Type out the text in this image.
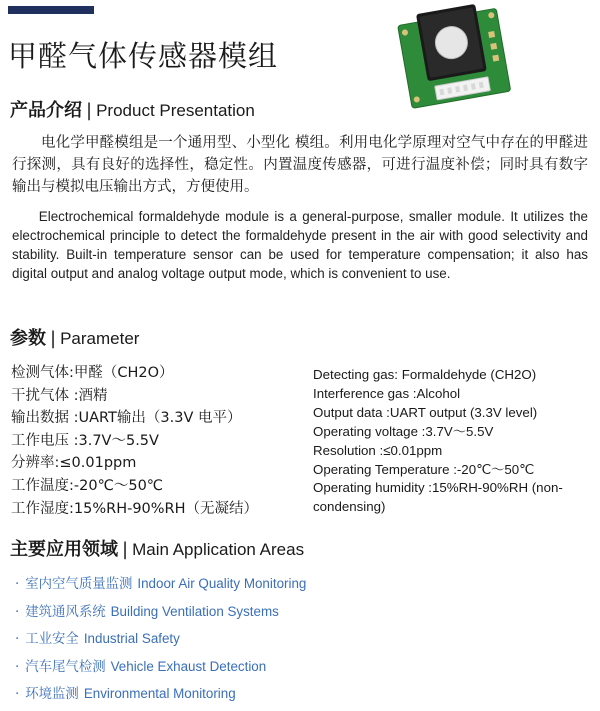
甲醛气体传感器模组
产品介绍 | Product Presentation
电化学甲醛模组是一个通用型、小型化 模组。利用电化学原理对空气中存在的甲醛进行探测，具有良好的选择性，稳定性。内置温度传感器，可进行温度补偿；同时具有数字输出与模拟电压输出方式，方便使用。
Electrochemical formaldehyde module is a general-purpose, smaller module. It utilizes the electrochemical principle to detect the formaldehyde present in the air with good selectivity and stability. Built-in temperature sensor can be used for temperature compensation; it also has digital output and analog voltage output mode, which is convenient to use.
参数 | Parameter
检测气体:甲醛（CH2O）
干扰气体 :酒精
输出数据 :UART输出（3.3V 电平）
工作电压 :3.7V～5.5V
分辨率:≤0.01ppm
工作温度:-20℃～50℃
工作湿度:15%RH-90%RH（无凝结）
Detecting gas: Formaldehyde (CH2O)
Interference gas :Alcohol
Output data :UART output (3.3V level)
Operating voltage :3.7V～5.5V
Resolution :≤0.01ppm
Operating Temperature :-20℃～50℃
Operating humidity :15%RH-90%RH (non-condensing)
主要应用领域 | Main Application Areas
· 室内空气质量监测 Indoor Air Quality Monitoring
· 建筑通风系统 Building Ventilation Systems
· 工业安全 Industrial Safety
· 汽车尾气检测 Vehicle Exhaust Detection
· 环境监测 Environmental Monitoring
